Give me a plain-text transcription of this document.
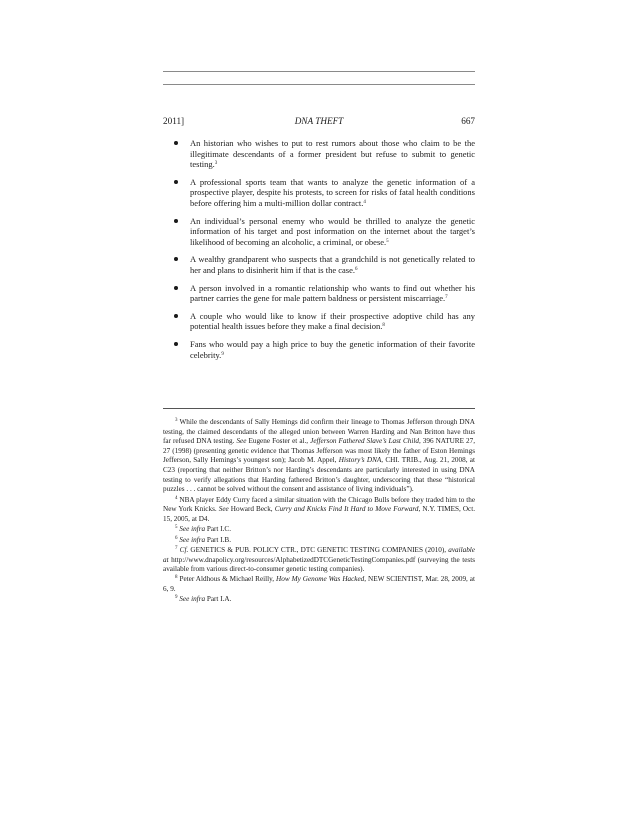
2011]	DNA THEFT	667
An historian who wishes to put to rest rumors about those who claim to be the illegitimate descendants of a former president but refuse to submit to genetic testing.$^3$
A professional sports team that wants to analyze the genetic information of a prospective player, despite his protests, to screen for risks of fatal health conditions before offering him a multi-million dollar contract.$^4$
An individual’s personal enemy who would be thrilled to analyze the genetic information of his target and post information on the internet about the target’s likelihood of becoming an alcoholic, a criminal, or obese.$^5$
A wealthy grandparent who suspects that a grandchild is not genetically related to her and plans to disinherit him if that is the case.$^6$
A person involved in a romantic relationship who wants to find out whether his partner carries the gene for male pattern baldness or persistent miscarriage.$^7$
A couple who would like to know if their prospective adoptive child has any potential health issues before they make a final decision.$^8$
Fans who would pay a high price to buy the genetic information of their favorite celebrity.$^9$

$^3$ While the descendants of Sally Hemings did confirm their lineage to Thomas Jefferson through DNA testing, the claimed descendants of the alleged union between Warren Harding and Nan Britton have thus far refused DNA testing. See Eugene Foster et al., Jefferson Fathered Slave’s Last Child, 396 NATURE 27, 27 (1998) (presenting genetic evidence that Thomas Jefferson was most likely the father of Eston Hemings Jefferson, Sally Hemings’s youngest son); Jacob M. Appel, History’s DNA, CHI. TRIB., Aug. 21, 2008, at C23 (reporting that neither Britton’s nor Harding’s descendants are particularly interested in using DNA testing to verify allegations that Harding fathered Britton’s daughter, underscoring that these “historical puzzles . . . cannot be solved without the consent and assistance of living individuals”).

$^4$ NBA player Eddy Curry faced a similar situation with the Chicago Bulls before they traded him to the New York Knicks. See Howard Beck, Curry and Knicks Find It Hard to Move Forward, N.Y. TIMES, Oct. 15, 2005, at D4.

$^5$ See infra Part I.C.

$^6$ See infra Part I.B.

$^7$ Cf. GENETICS & PUB. POLICY CTR., DTC GENETIC TESTING COMPANIES (2010), available at http://www.dnapolicy.org/resources/AlphabetizedDTCGeneticTestingCompanies.pdf (surveying the tests available from various direct-to-consumer genetic testing companies).

$^8$ Peter Aldhous & Michael Reilly, How My Genome Was Hacked, NEW SCIENTIST, Mar. 28, 2009, at 6, 9.

$^9$ See infra Part I.A.
